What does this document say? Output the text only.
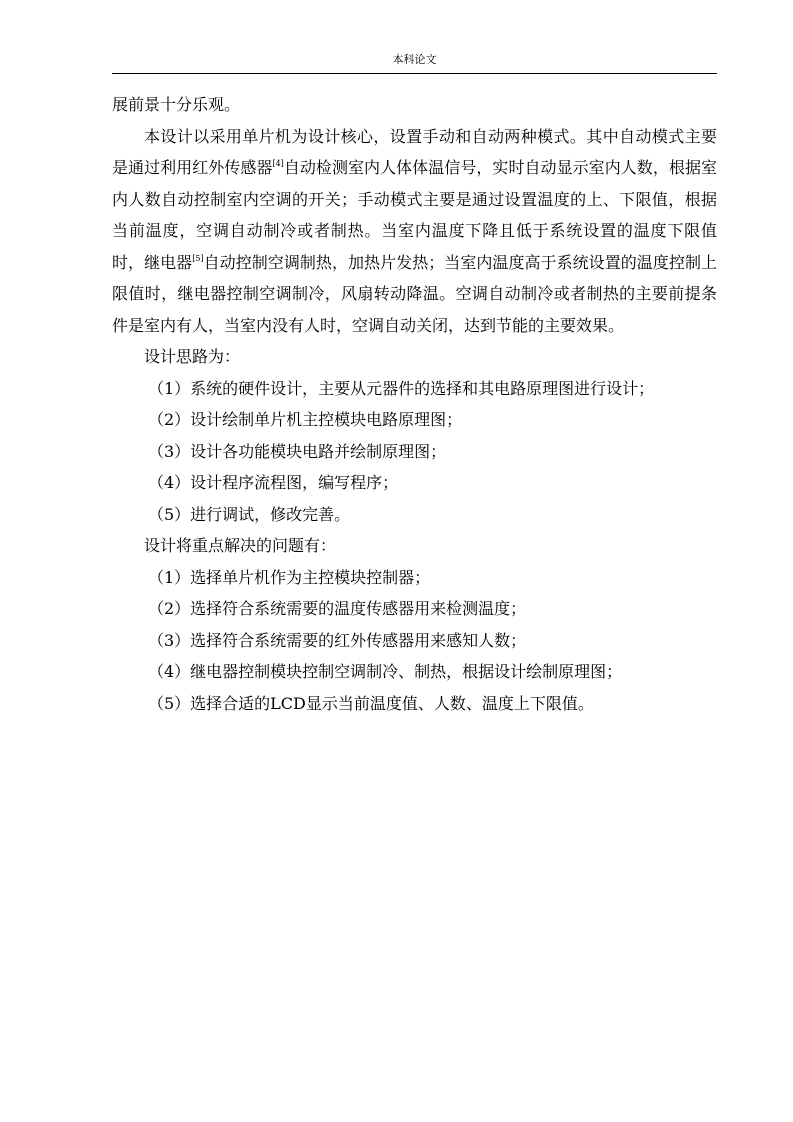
本科论文

展前景十分乐观。

本设计以采用单片机为设计核心，设置手动和自动两种模式。其中自动模式主要是通过利用红外传感器[4]自动检测室内人体体温信号，实时自动显示室内人数，根据室内人数自动控制室内空调的开关；手动模式主要是通过设置温度的上、下限值，根据当前温度，空调自动制冷或者制热。当室内温度下降且低于系统设置的温度下限值时，继电器[5]自动控制空调制热，加热片发热；当室内温度高于系统设置的温度控制上限值时，继电器控制空调制冷，风扇转动降温。空调自动制冷或者制热的主要前提条件是室内有人，当室内没有人时，空调自动关闭，达到节能的主要效果。

设计思路为：

（1）系统的硬件设计，主要从元器件的选择和其电路原理图进行设计；

（2）设计绘制单片机主控模块电路原理图；

（3）设计各功能模块电路并绘制原理图；

（4）设计程序流程图，编写程序；

（5）进行调试，修改完善。

设计将重点解决的问题有：

（1）选择单片机作为主控模块控制器；

（2）选择符合系统需要的温度传感器用来检测温度；

（3）选择符合系统需要的红外传感器用来感知人数；

（4）继电器控制模块控制空调制冷、制热，根据设计绘制原理图；

（5）选择合适的LCD显示当前温度值、人数、温度上下限值。
